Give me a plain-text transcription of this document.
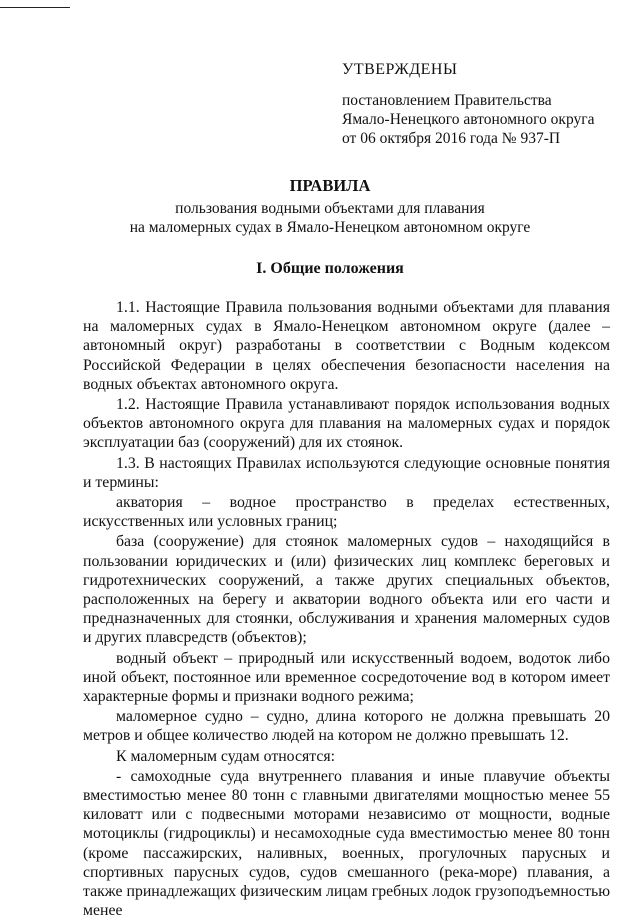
УТВЕРЖДЕНЫ
постановлением Правительства
Ямало-Ненецкого автономного округа
от 06 октября 2016 года № 937-П
ПРАВИЛА
пользования водными объектами для плавания
на маломерных судах в Ямало-Ненецком автономном округе
I. Общие положения

1.1. Настоящие Правила пользования водными объектами для плавания на маломерных судах в Ямало-Ненецком автономном округе (далее – автономный округ) разработаны в соответствии с Водным кодексом Российской Федерации в целях обеспечения безопасности населения на водных объектах автономного округа.

1.2. Настоящие Правила устанавливают порядок использования водных объектов автономного округа для плавания на маломерных судах и порядок эксплуатации баз (сооружений) для их стоянок.

1.3. В настоящих Правилах используются следующие основные понятия и термины:

акватория – водное пространство в пределах естественных, искусственных или условных границ;

база (сооружение) для стоянок маломерных судов – находящийся в пользовании юридических и (или) физических лиц комплекс береговых и гидротехнических сооружений, а также других специальных объектов, расположенных на берегу и акватории водного объекта или его части и предназначенных для стоянки, обслуживания и хранения маломерных судов и других плавсредств (объектов);

водный объект – природный или искусственный водоем, водоток либо иной объект, постоянное или временное сосредоточение вод в котором имеет характерные формы и признаки водного режима;

маломерное судно – судно, длина которого не должна превышать 20 метров и общее количество людей на котором не должно превышать 12.

К маломерным судам относятся:

- самоходные суда внутреннего плавания и иные плавучие объекты вместимостью менее 80 тонн с главными двигателями мощностью менее 55 киловатт или с подвесными моторами независимо от мощности, водные мотоциклы (гидроциклы) и несамоходные суда вместимостью менее 80 тонн (кроме пассажирских, наливных, военных, прогулочных парусных и спортивных парусных судов, судов смешанного (река-море) плавания, а также принадлежащих физическим лицам гребных лодок грузоподъемностью менее
